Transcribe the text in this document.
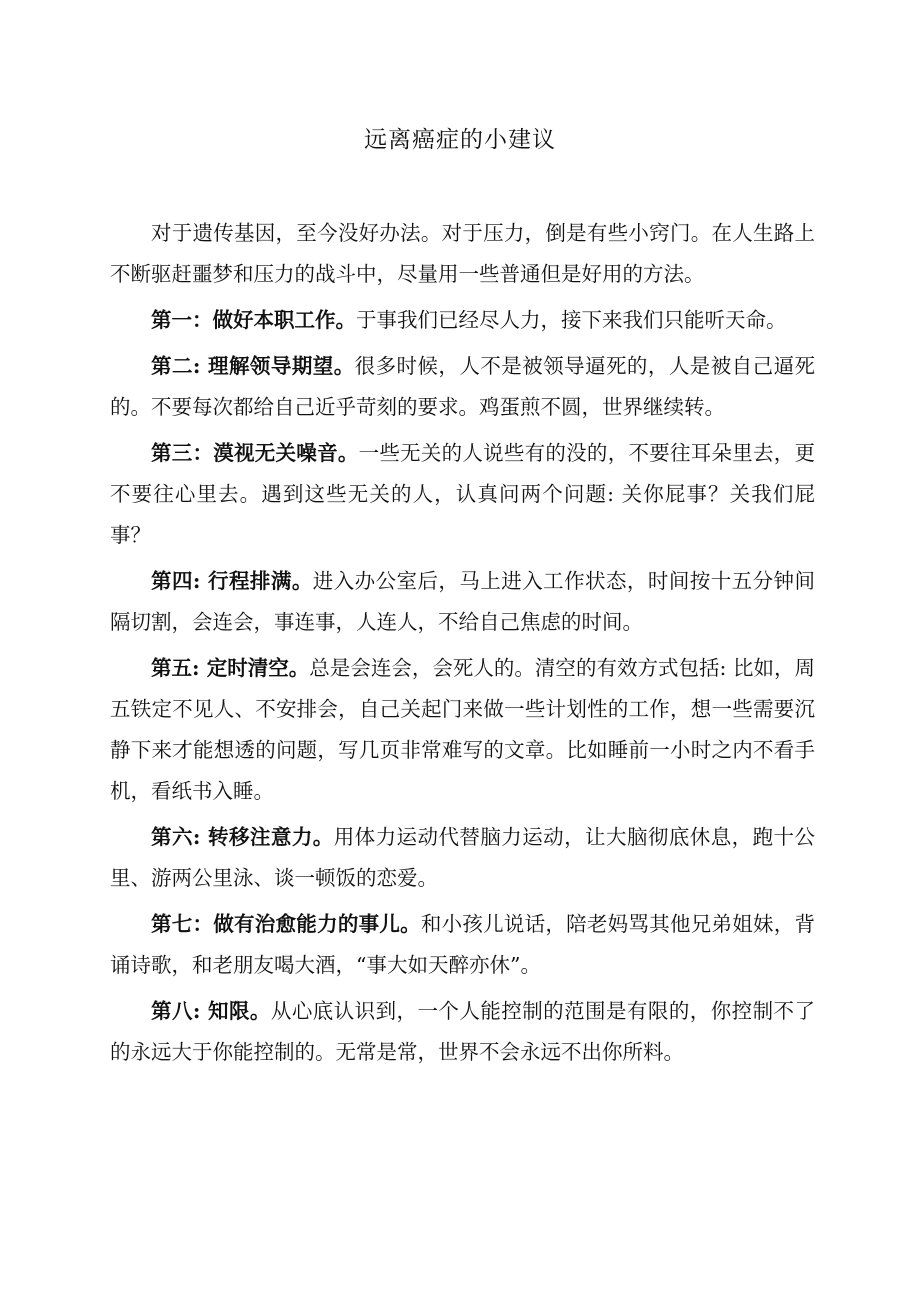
远离癌症的小建议

对于遗传基因，至今没好办法。对于压力，倒是有些小窍门。在人生路上不断驱赶噩梦和压力的战斗中，尽量用一些普通但是好用的方法。

第一：做好本职工作。于事我们已经尽人力，接下来我们只能听天命。

第二: 理解领导期望。很多时候，人不是被领导逼死的，人是被自己逼死的。不要每次都给自己近乎苛刻的要求。鸡蛋煎不圆，世界继续转。

第三：漠视无关噪音。一些无关的人说些有的没的，不要往耳朵里去，更不要往心里去。遇到这些无关的人，认真问两个问题: 关你屁事？关我们屁事？

第四: 行程排满。进入办公室后，马上进入工作状态，时间按十五分钟间隔切割，会连会，事连事，人连人，不给自己焦虑的时间。

第五: 定时清空。总是会连会，会死人的。清空的有效方式包括: 比如，周五铁定不见人、不安排会，自己关起门来做一些计划性的工作，想一些需要沉静下来才能想透的问题，写几页非常难写的文章。比如睡前一小时之内不看手机，看纸书入睡。

第六: 转移注意力。用体力运动代替脑力运动，让大脑彻底休息，跑十公里、游两公里泳、谈一顿饭的恋爱。

第七：做有治愈能力的事儿。和小孩儿说话，陪老妈骂其他兄弟姐妹，背诵诗歌，和老朋友喝大酒，“事大如天醉亦休”。

第八: 知限。从心底认识到，一个人能控制的范围是有限的，你控制不了的永远大于你能控制的。无常是常，世界不会永远不出你所料。
